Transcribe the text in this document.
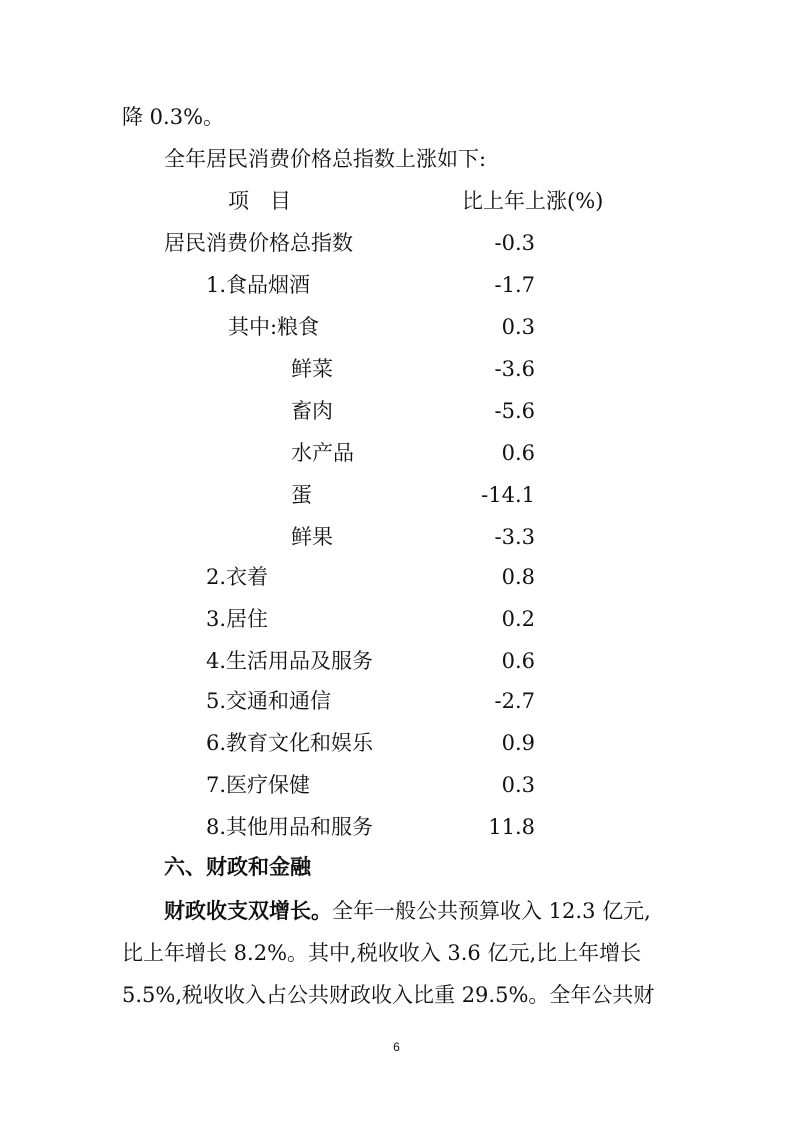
降 0.3%。
全年居民消费价格总指数上涨如下:
项　目	比上年上涨(%)
居民消费价格总指数	-0.3
1.食品烟酒	-1.7
其中:粮食	0.3
鲜菜	-3.6
畜肉	-5.6
水产品	0.6
蛋	-14.1
鲜果	-3.3
2.衣着	0.8
3.居住	0.2
4.生活用品及服务	0.6
5.交通和通信	-2.7
6.教育文化和娱乐	0.9
7.医疗保健	0.3
8.其他用品和服务	11.8
六、财政和金融
财政收支双增长。全年一般公共预算收入 12.3 亿元,
比上年增长 8.2%。其中,税收收入 3.6 亿元,比上年增长
5.5%,税收收入占公共财政收入比重 29.5%。全年公共财
6
